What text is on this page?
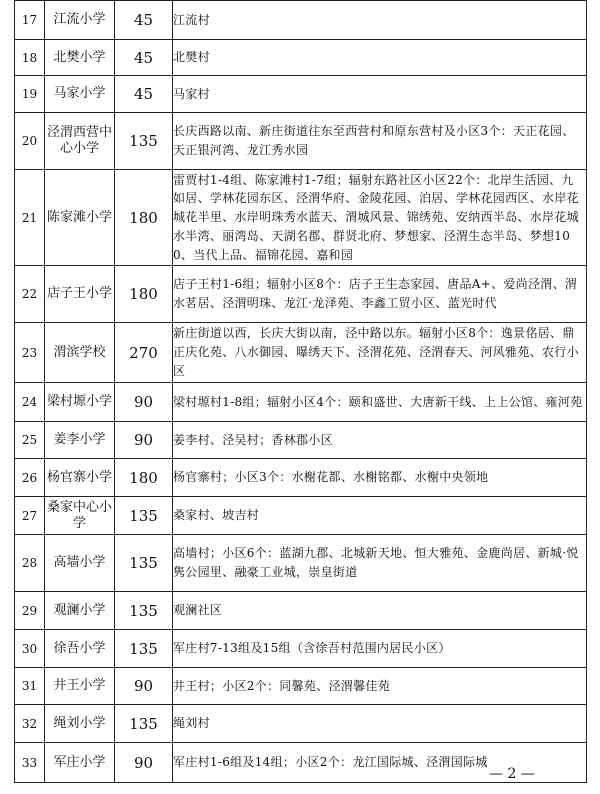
17	江流小学	45	江流村
18	北樊小学	45	北樊村
19	马家小学	45	马家村
20	泾渭西营中心小学	135	长庆西路以南、新庄街道往东至西营村和原东营村及小区3个：天正花园、天正银河湾、龙江秀水园
21	陈家滩小学	180	雷贾村1-4组、陈家滩村1-7组；辐射东路社区小区22个：北岸生活园、九如居、学林花园东区、泾渭华府、金陵花园、泊居、学林花园西区、水岸花城花半里、水岸明珠秀水蓝天、渭城风景、锦绣苑、安纳西半岛、水岸花城水半湾、丽湾岛、天湖名郡、群贤北府、梦想家、泾渭生态半岛、梦想100、当代上品、福锦花园、嘉和园
22	店子王小学	180	店子王村1-6组；辐射小区8个：店子王生态家园、唐品A+、爱尚泾渭、渭水茗居、泾渭明珠、龙江·龙泽苑、李鑫工贸小区、蓝光时代
23	渭滨学校	270	新庄街道以西，长庆大街以南，泾中路以东。辐射小区8个：逸景佲居、鼎正庆化苑、八水御园、曝绣天下、泾渭花苑、泾渭春天、河风雅苑、农行小区
24	梁村塬小学	90	梁村塬村1-8组；辐射小区4个：颐和盛世、大唐新干线、上上公馆、雍河苑
25	姜李小学	90	姜李村、泾吴村；香林郡小区
26	杨官寨小学	180	杨官寨村；小区3个：水榭花都、水榭铭都、水榭中央领地
27	桑家中心小学	135	桑家村、坡吉村
28	高墙小学	135	高墙村；小区6个：蓝湖九郡、北城新天地、恒大雅苑、金鹿尚居、新城·悦隽公园里、融豪工业城，崇皇街道
29	观澜小学	135	观澜社区
30	徐吾小学	135	军庄村7-13组及15组（含徐吾村范围内居民小区）
31	井王小学	90	井王村；小区2个：同馨苑、泾渭馨佳苑
32	绳刘小学	135	绳刘村
33	军庄小学	90	军庄村1-6组及14组；小区2个：龙江国际城、泾渭国际城
— 2 —
